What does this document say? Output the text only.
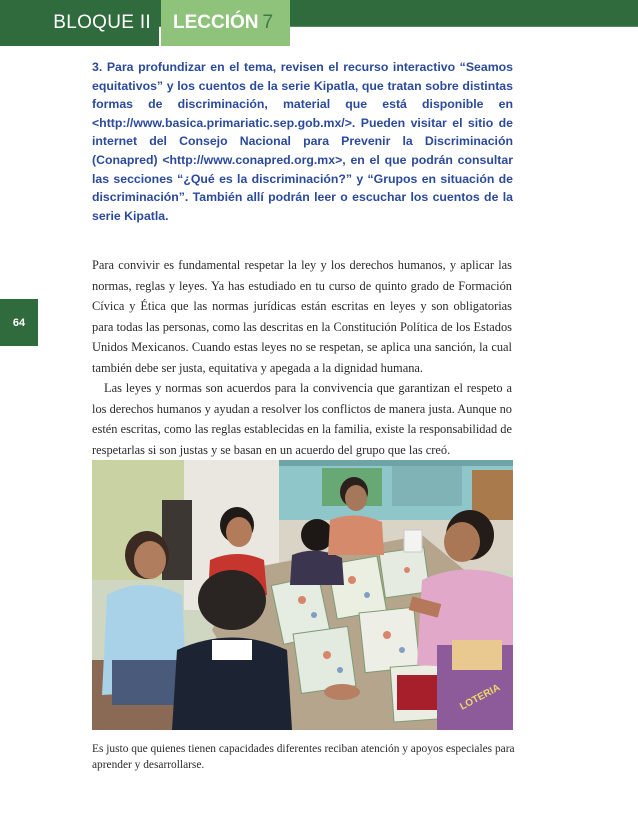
BLOQUE II	LECCIÓN 7
64

3. Para profundizar en el tema, revisen el recurso interactivo “Seamos equitativos” y los cuentos de la serie Kipatla, que tratan sobre distintas formas de discriminación, material que está disponible en <http://www.basica.primariatic.sep.gob.mx/>. Pueden visitar el sitio de internet del Consejo Nacional para Prevenir la Discriminación (Conapred) <http://www.conapred.org.mx>, en el que podrán consultar las secciones “¿Qué es la discriminación?” y “Grupos en situación de discriminación”. También allí podrán leer o escuchar los cuentos de la serie Kipatla.

Para convivir es fundamental respetar la ley y los derechos humanos, y aplicar las normas, reglas y leyes. Ya has estudiado en tu curso de quinto grado de Formación Cívica y Ética que las normas jurídicas están escritas en leyes y son obligatorias para todas las personas, como las descritas en la Constitución Política de los Estados Unidos Mexicanos. Cuando estas leyes no se respetan, se aplica una sanción, la cual también debe ser justa, equitativa y apegada a la dignidad humana.

Las leyes y normas son acuerdos para la convivencia que garantizan el respeto a los derechos humanos y ayudan a resolver los conflictos de manera justa. Aunque no estén escritas, como las reglas establecidas en la familia, existe la responsabilidad de respetarlas si son justas y se basan en un acuerdo del grupo que las creó.

LOTERIA

Es justo que quienes tienen capacidades diferentes reciban atención y apoyos especiales para aprender y desarrollarse.
